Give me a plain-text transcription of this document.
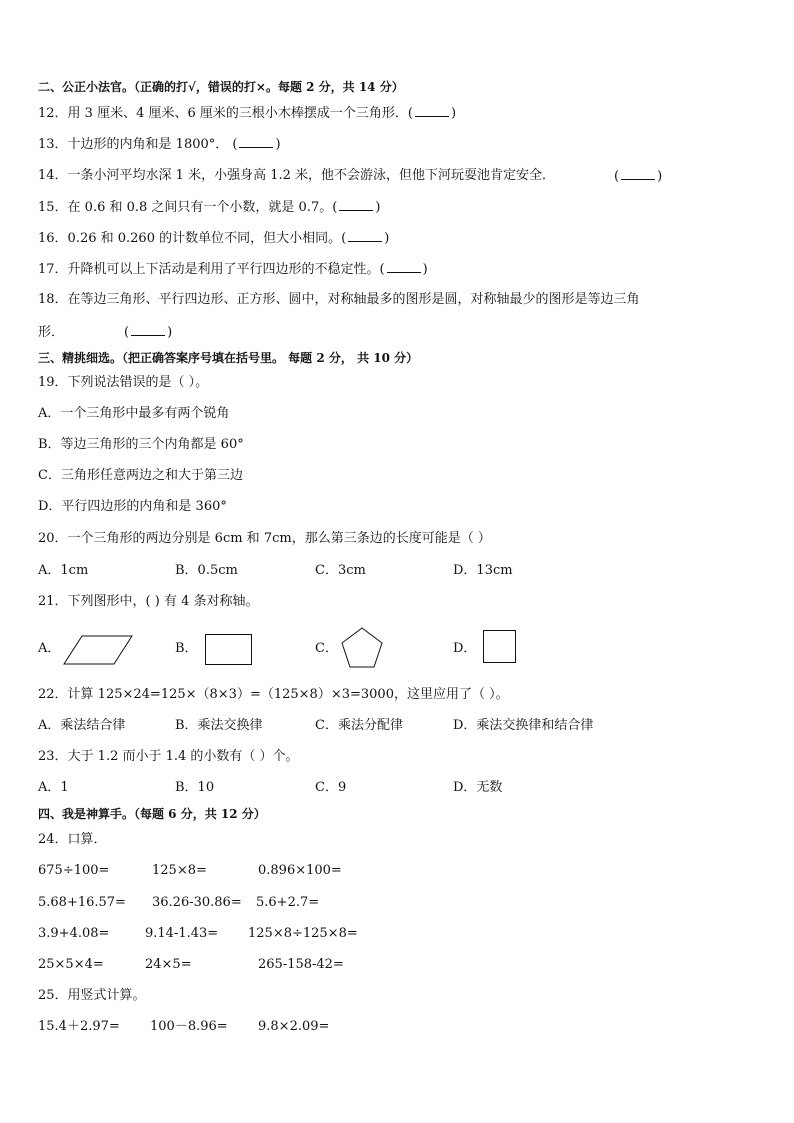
二、公正小法官。（正确的打√，错误的打×。每题 2 分，共 14 分）
12．用 3 厘米、4 厘米、6 厘米的三根小木棒摆成一个三角形．(	)
13．十边形的内角和是 1800°． (	)
14．一条小河平均水深 1 米，小强身高 1.2 米，他不会游泳，但他下河玩耍池肯定安全．	(	)
15．在 0.6 和 0.8 之间只有一个小数，就是 0.7。(	)
16．0.26 和 0.260 的计数单位不同，但大小相同。(	)
17．升降机可以上下活动是利用了平行四边形的不稳定性。(	)
18．在等边三角形、平行四边形、正方形、圆中，对称轴最多的图形是圆，对称轴最少的图形是等边三角
形．	(	)
三、精挑细选。（把正确答案序号填在括号里。 每题 2 分， 共 10 分）
19．下列说法错误的是（ ）。
A．一个三角形中最多有两个锐角
B．等边三角形的三个内角都是 60°
C．三角形任意两边之和大于第三边
D．平行四边形的内角和是 360°
20．一个三角形的两边分别是 6cm 和 7cm，那么第三条边的长度可能是（ ）
A．1cm	B．0.5cm	C．3cm	D．13cm
21．下列图形中，( ) 有 4 条对称轴。
A．	B．	C．	D．
22．计算 125×24=125×（8×3）=（125×8）×3=3000，这里应用了（ ）。
A．乘法结合律	B．乘法交换律	C．乘法分配律	D．乘法交换律和结合律
23．大于 1.2 而小于 1.4 的小数有（ ）个。
A．1	B．10	C．9	D．无数
四、我是神算手。（每题 6 分，共 12 分）
24．口算．
675÷100=	125×8=	0.896×100=
5.68+16.57= 36.26-30.86= 5.6+2.7=
3.9+4.08=	9.14-1.43= 125×8÷125×8=
25×5×4=	24×5=	265-158-42=
25．用竖式计算。
15.4＋2.97= 100－8.96= 9.8×2.09=
